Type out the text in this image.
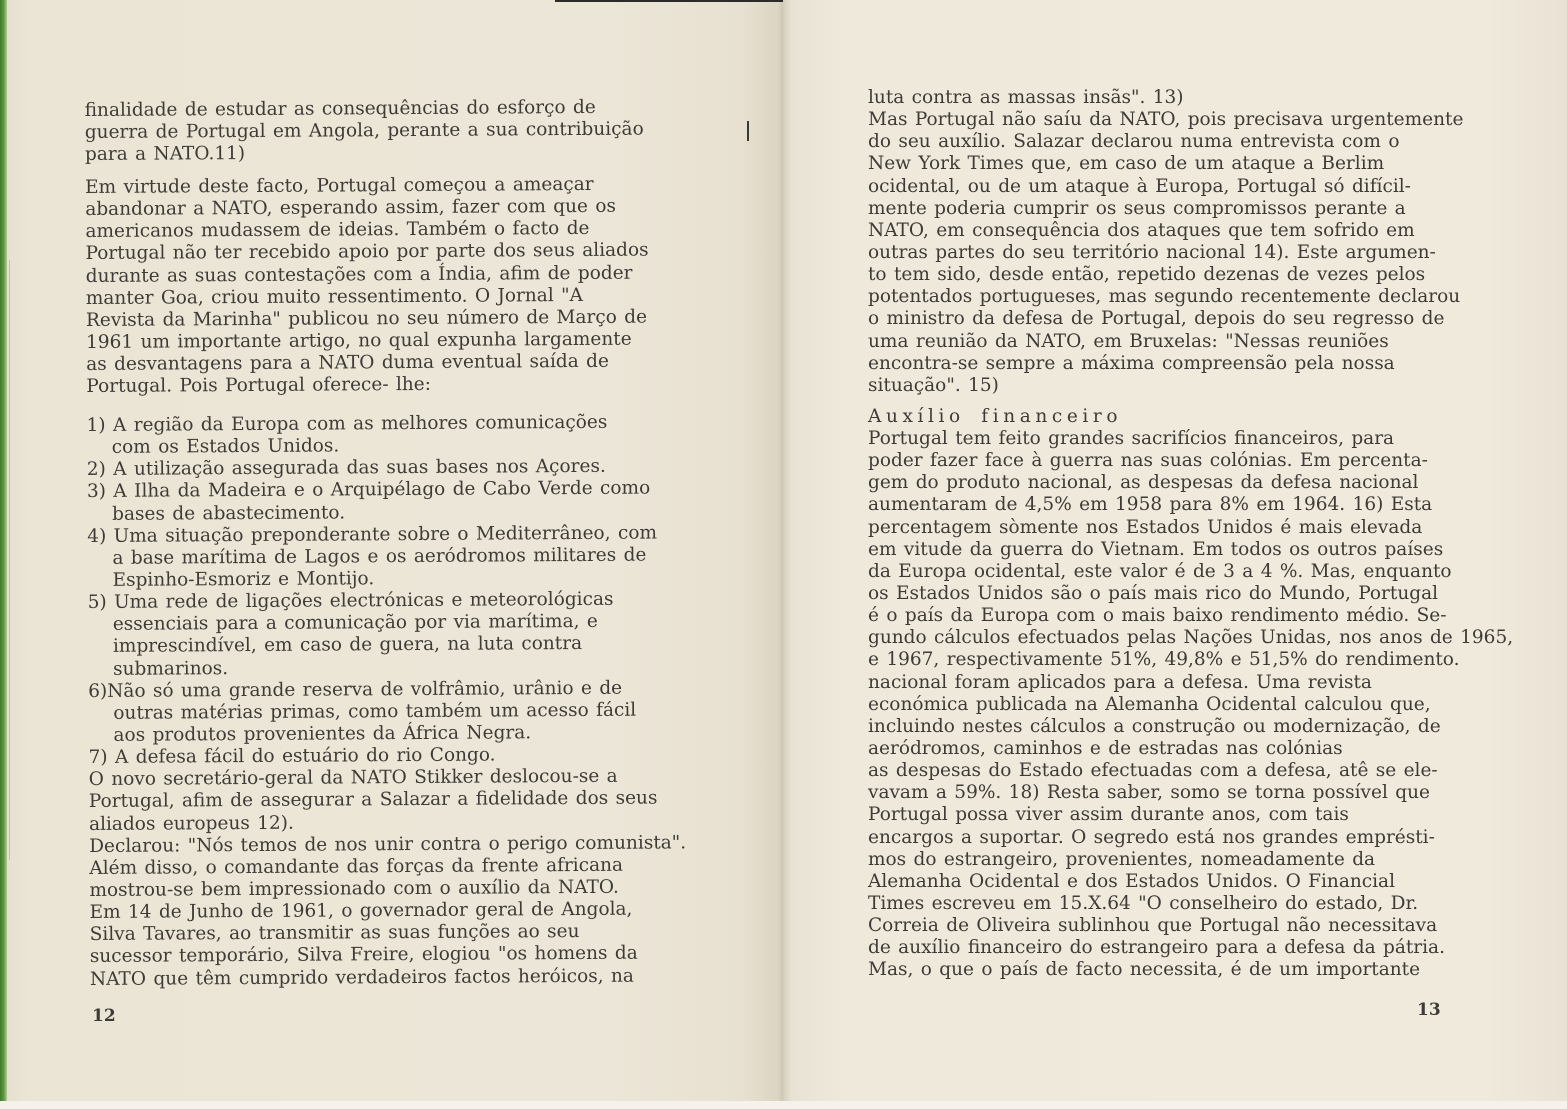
finalidade de estudar as consequências do esforço de
guerra de Portugal em Angola, perante a sua contribuição
para a NATO.11)
Em virtude deste facto, Portugal começou a ameaçar
abandonar a NATO, esperando assim, fazer com que os
americanos mudassem de ideias. Também o facto de
Portugal não ter recebido apoio por parte dos seus aliados
durante as suas contestações com a Índia, afim de poder
manter Goa, criou muito ressentimento. O Jornal "A
Revista da Marinha" publicou no seu número de Março de
1961 um importante artigo, no qual expunha largamente
as desvantagens para a NATO duma eventual saída de
Portugal. Pois Portugal oferece- lhe:
1) A região da Europa com as melhores comunicações
com os Estados Unidos.
2) A utilização assegurada das suas bases nos Açores.
3) A Ilha da Madeira e o Arquipélago de Cabo Verde como
bases de abastecimento.
4) Uma situação preponderante sobre o Mediterrâneo, com
a base marítima de Lagos e os aeródromos militares de
Espinho-Esmoriz e Montijo.
5) Uma rede de ligações electrónicas e meteorológicas
essenciais para a comunicação por via marítima, e
imprescindível, em caso de guera, na luta contra
submarinos.
6)Não só uma grande reserva de volfrâmio, urânio e de
outras matérias primas, como também um acesso fácil
aos produtos provenientes da África Negra.
7) A defesa fácil do estuário do rio Congo.
O novo secretário-geral da NATO Stikker deslocou-se a
Portugal, afim de assegurar a Salazar a fidelidade dos seus
aliados europeus 12).
Declarou: "Nós temos de nos unir contra o perigo comunista".
Além disso, o comandante das forças da frente africana
mostrou-se bem impressionado com o auxílio da NATO.
Em 14 de Junho de 1961, o governador geral de Angola,
Silva Tavares, ao transmitir as suas funções ao seu
sucessor temporário, Silva Freire, elogiou "os homens da
NATO que têm cumprido verdadeiros factos heróicos, na
12
luta contra as massas insãs". 13)
Mas Portugal não saíu da NATO, pois precisava urgentemente
do seu auxílio. Salazar declarou numa entrevista com o
New York Times que, em caso de um ataque a Berlim
ocidental, ou de um ataque à Europa, Portugal só difícil-
mente poderia cumprir os seus compromissos perante a
NATO, em consequência dos ataques que tem sofrido em
outras partes do seu território nacional 14). Este argumen-
to tem sido, desde então, repetido dezenas de vezes pelos
potentados portugueses, mas segundo recentemente declarou
o ministro da defesa de Portugal, depois do seu regresso de
uma reunião da NATO, em Bruxelas: "Nessas reuniões
encontra-se sempre a máxima compreensão pela nossa
situação". 15)
Auxílio financeiro
Portugal tem feito grandes sacrifícios financeiros, para
poder fazer face à guerra nas suas colónias. Em percenta-
gem do produto nacional, as despesas da defesa nacional
aumentaram de 4,5% em 1958 para 8% em 1964. 16) Esta
percentagem sòmente nos Estados Unidos é mais elevada
em vitude da guerra do Vietnam. Em todos os outros países
da Europa ocidental, este valor é de 3 a 4 %. Mas, enquanto
os Estados Unidos são o país mais rico do Mundo, Portugal
é o país da Europa com o mais baixo rendimento médio. Se-
gundo cálculos efectuados pelas Nações Unidas, nos anos de 1965,
e 1967, respectivamente 51%, 49,8% e 51,5% do rendimento.
nacional foram aplicados para a defesa. Uma revista
económica publicada na Alemanha Ocidental calculou que,
incluindo nestes cálculos a construção ou modernização, de
aeródromos, caminhos e de estradas nas colónias
as despesas do Estado efectuadas com a defesa, atê se ele-
vavam a 59%. 18) Resta saber, somo se torna possível que
Portugal possa viver assim durante anos, com tais
encargos a suportar. O segredo está nos grandes emprésti-
mos do estrangeiro, provenientes, nomeadamente da
Alemanha Ocidental e dos Estados Unidos. O Financial
Times escreveu em 15.X.64 "O conselheiro do estado, Dr.
Correia de Oliveira sublinhou que Portugal não necessitava
de auxílio financeiro do estrangeiro para a defesa da pátria.
Mas, o que o país de facto necessita, é de um importante
13
